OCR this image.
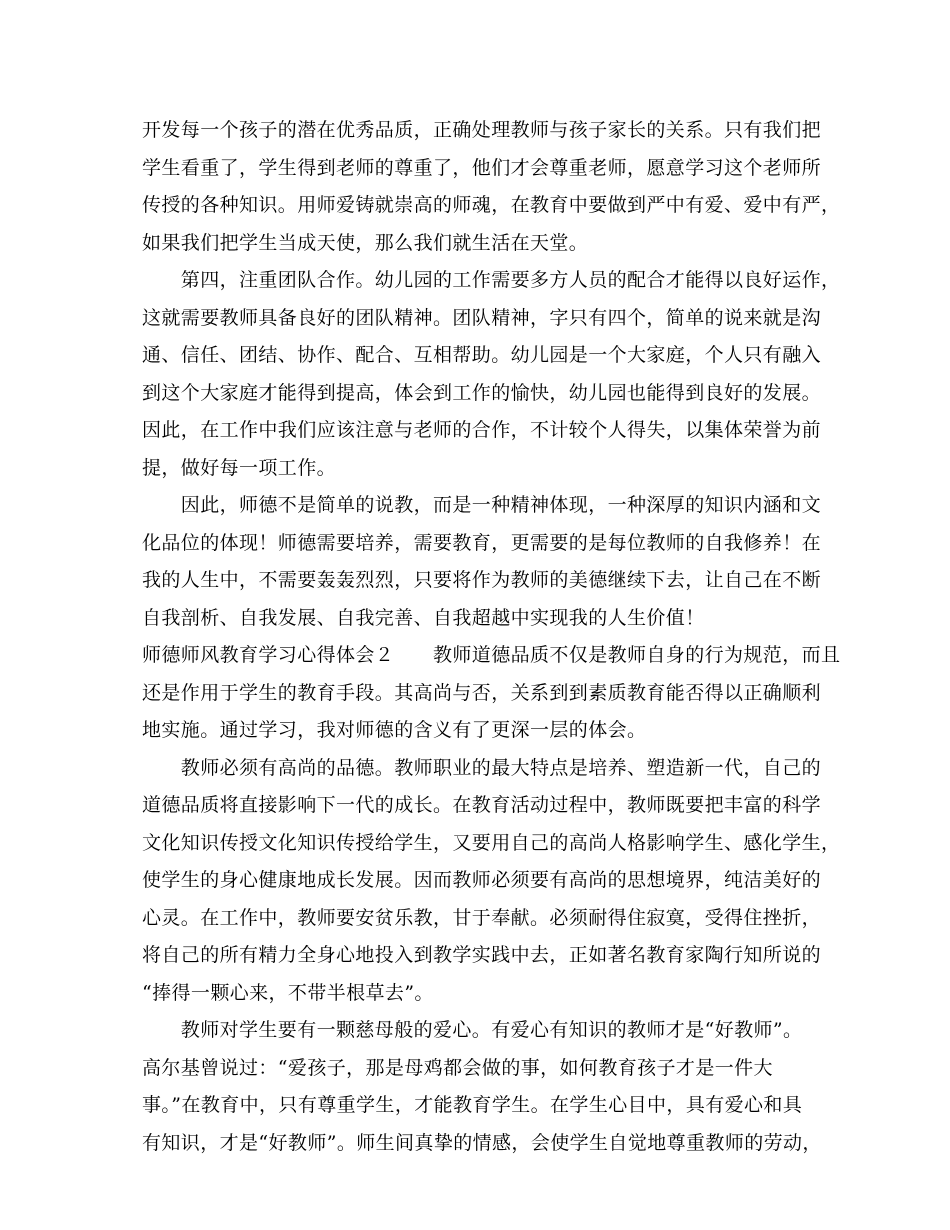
开发每一个孩子的潜在优秀品质，正确处理教师与孩子家长的关系。只有我们把
学生看重了，学生得到老师的尊重了，他们才会尊重老师，愿意学习这个老师所
传授的各种知识。用师爱铸就崇高的师魂，在教育中要做到严中有爱、爱中有严，
如果我们把学生当成天使，那么我们就生活在天堂。
　　第四，注重团队合作。幼儿园的工作需要多方人员的配合才能得以良好运作，
这就需要教师具备良好的团队精神。团队精神，字只有四个，简单的说来就是沟
通、信任、团结、协作、配合、互相帮助。幼儿园是一个大家庭，个人只有融入
到这个大家庭才能得到提高，体会到工作的愉快，幼儿园也能得到良好的发展。
因此，在工作中我们应该注意与老师的合作，不计较个人得失，以集体荣誉为前
提，做好每一项工作。
　　因此，师德不是简单的说教，而是一种精神体现，一种深厚的知识内涵和文
化品位的体现！师德需要培养，需要教育，更需要的是每位教师的自我修养！在
我的人生中，不需要轰轰烈烈，只要将作为教师的美德继续下去，让自己在不断
自我剖析、自我发展、自我完善、自我超越中实现我的人生价值！
师德师风教育学习心得体会２　　教师道德品质不仅是教师自身的行为规范，而且
还是作用于学生的教育手段。其高尚与否，关系到到素质教育能否得以正确顺利
地实施。通过学习，我对师德的含义有了更深一层的体会。
　　教师必须有高尚的品德。教师职业的最大特点是培养、塑造新一代，自己的
道德品质将直接影响下一代的成长。在教育活动过程中，教师既要把丰富的科学
文化知识传授文化知识传授给学生，又要用自己的高尚人格影响学生、感化学生，
使学生的身心健康地成长发展。因而教师必须要有高尚的思想境界，纯洁美好的
心灵。在工作中，教师要安贫乐教，甘于奉献。必须耐得住寂寞，受得住挫折，
将自己的所有精力全身心地投入到教学实践中去，正如著名教育家陶行知所说的
“捧得一颗心来，不带半根草去”。
　　教师对学生要有一颗慈母般的爱心。有爱心有知识的教师才是“好教师”。
高尔基曾说过：“爱孩子，那是母鸡都会做的事，如何教育孩子才是一件大
事。”在教育中，只有尊重学生，才能教育学生。在学生心目中，具有爱心和具
有知识，才是“好教师”。师生间真挚的情感，会使学生自觉地尊重教师的劳动，
